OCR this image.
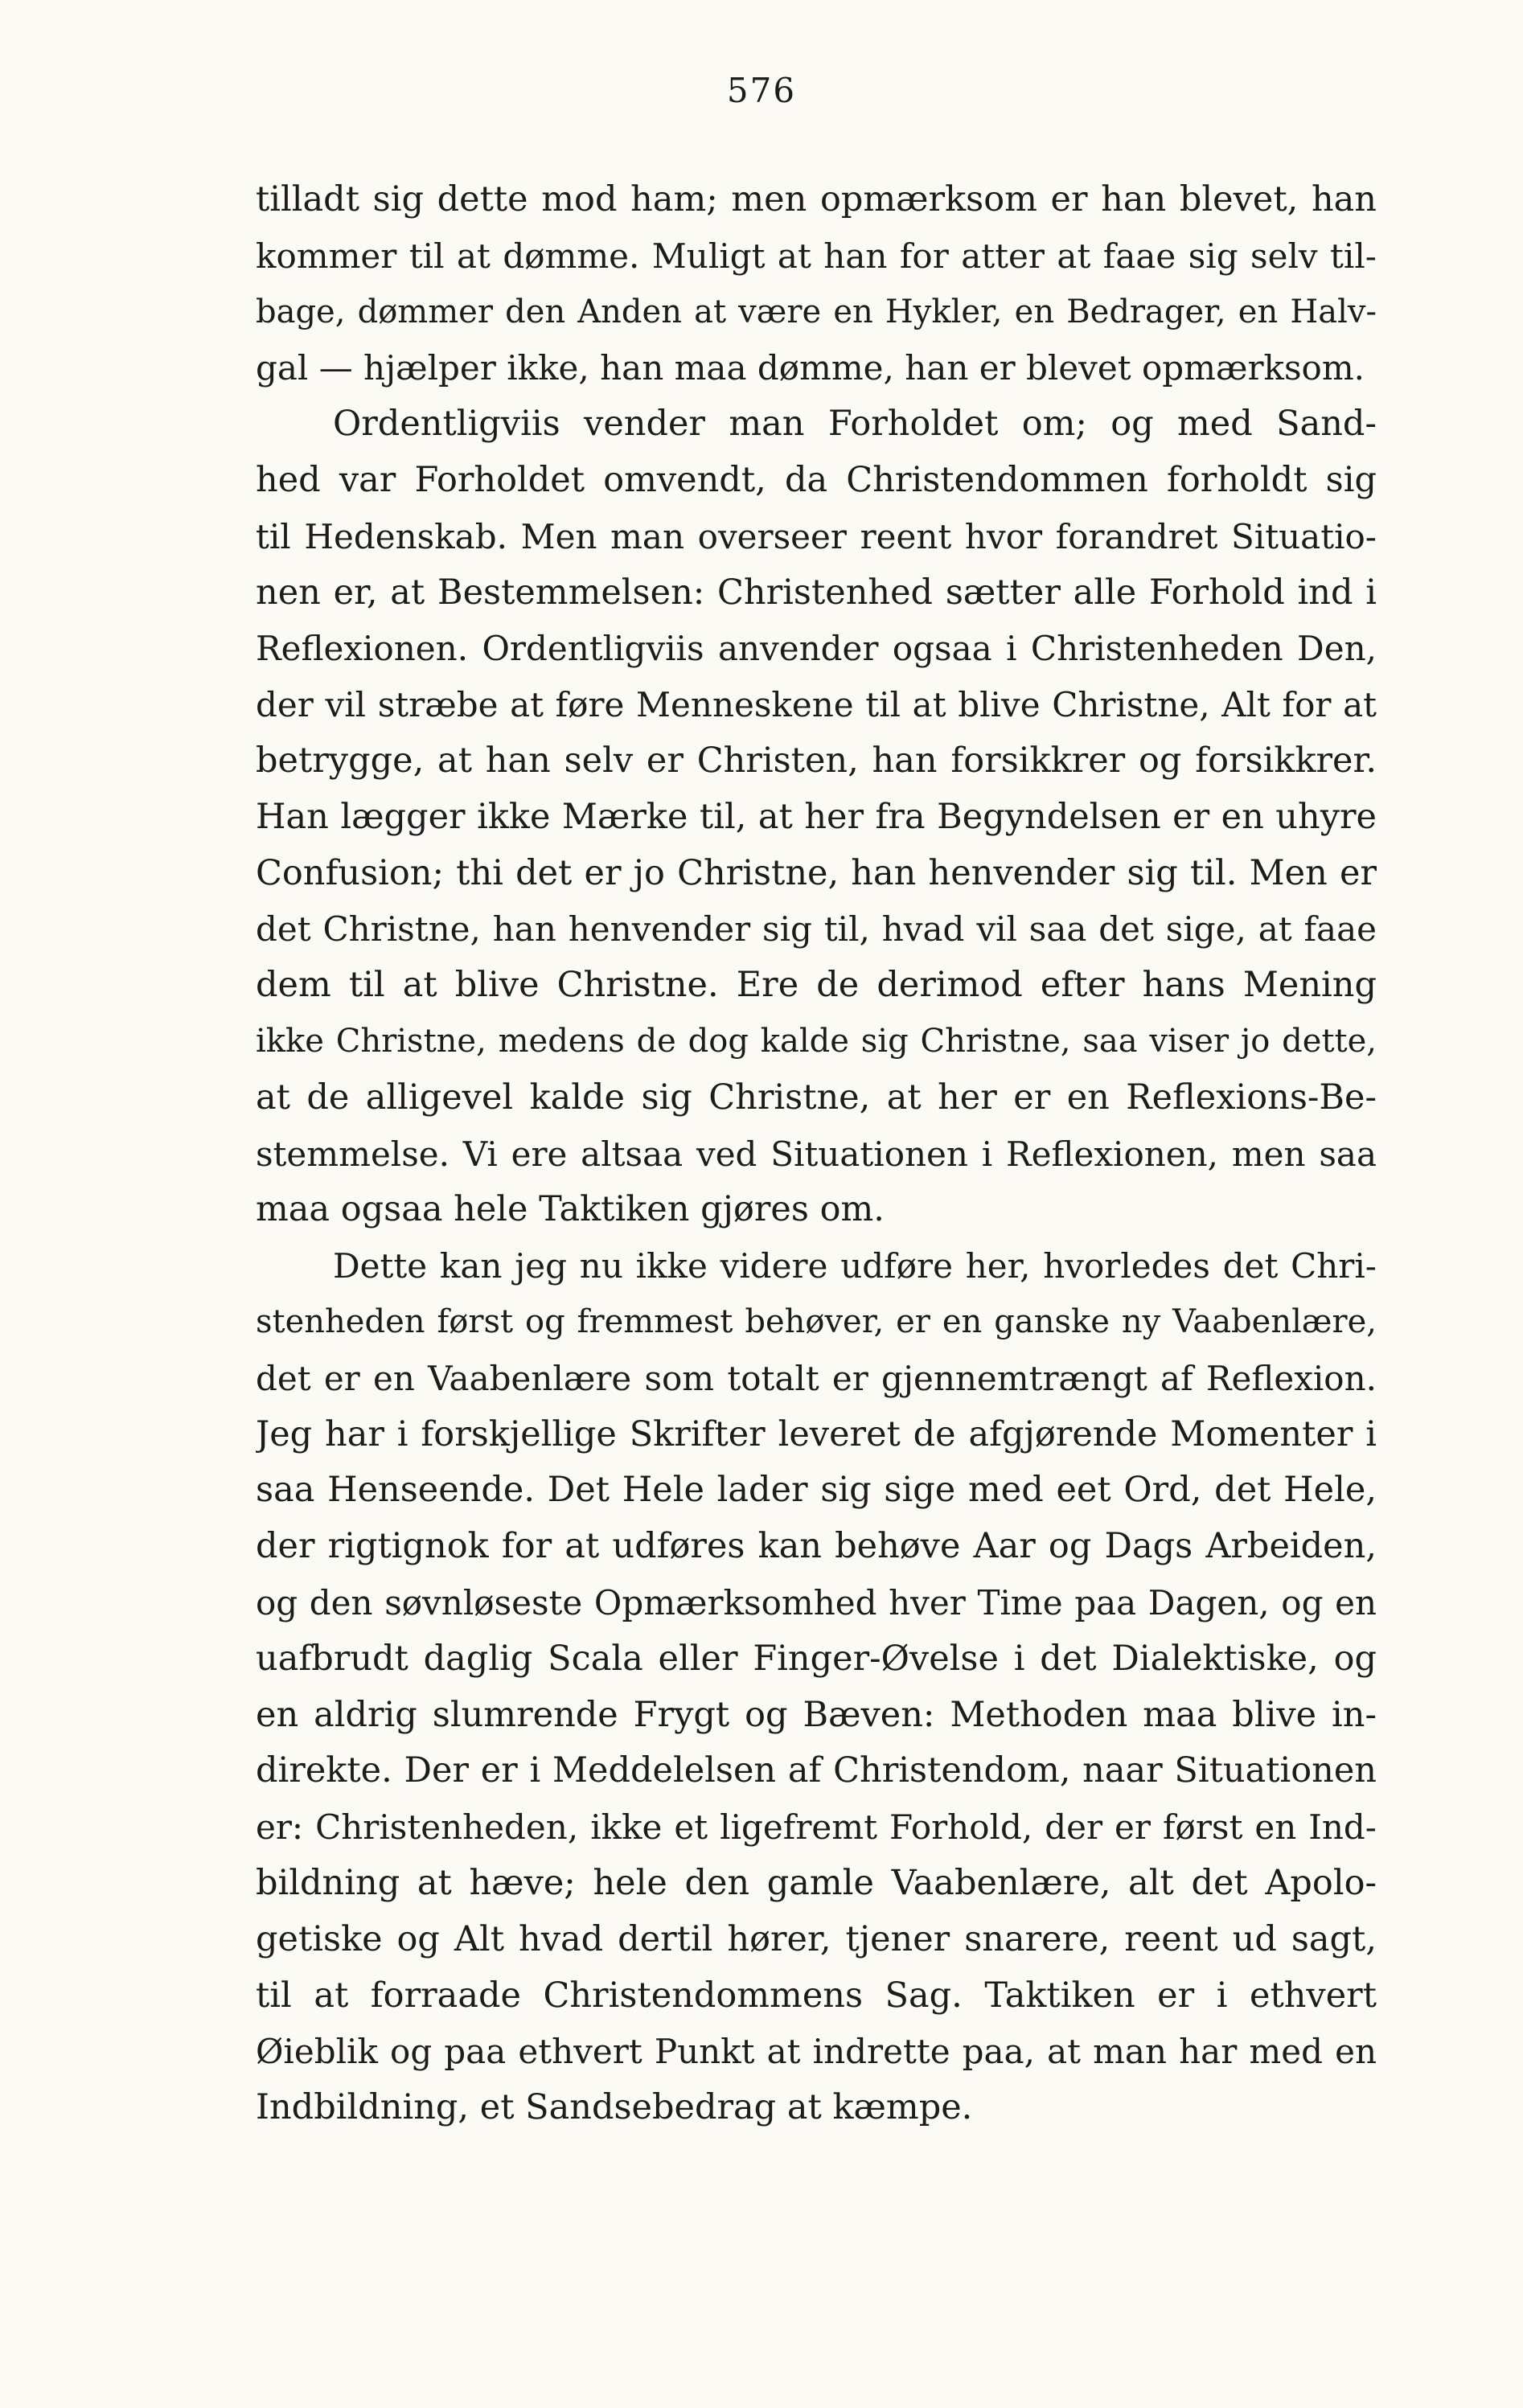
576
tilladt sig dette mod ham; men opmærksom er han blevet, han
kommer til at dømme. Muligt at han for atter at faae sig selv til-
bage, dømmer den Anden at være en Hykler, en Bedrager, en Halv-
gal — hjælper ikke, han maa dømme, han er blevet opmærksom.
Ordentligviis vender man Forholdet om; og med Sand-
hed var Forholdet omvendt, da Christendommen forholdt sig
til Hedenskab. Men man overseer reent hvor forandret Situatio-
nen er, at Bestemmelsen: Christenhed sætter alle Forhold ind i
Reflexionen. Ordentligviis anvender ogsaa i Christenheden Den,
der vil stræbe at føre Menneskene til at blive Christne, Alt for at
betrygge, at han selv er Christen, han forsikkrer og forsikkrer.
Han lægger ikke Mærke til, at her fra Begyndelsen er en uhyre
Confusion; thi det er jo Christne, han henvender sig til. Men er
det Christne, han henvender sig til, hvad vil saa det sige, at faae
dem til at blive Christne. Ere de derimod efter hans Mening
ikke Christne, medens de dog kalde sig Christne, saa viser jo dette,
at de alligevel kalde sig Christne, at her er en Reflexions-Be-
stemmelse. Vi ere altsaa ved Situationen i Reflexionen, men saa
maa ogsaa hele Taktiken gjøres om.
Dette kan jeg nu ikke videre udføre her, hvorledes det Chri-
stenheden først og fremmest behøver, er en ganske ny Vaabenlære,
det er en Vaabenlære som totalt er gjennemtrængt af Reflexion.
Jeg har i forskjellige Skrifter leveret de afgjørende Momenter i
saa Henseende. Det Hele lader sig sige med eet Ord, det Hele,
der rigtignok for at udføres kan behøve Aar og Dags Arbeiden,
og den søvnløseste Opmærksomhed hver Time paa Dagen, og en
uafbrudt daglig Scala eller Finger-Øvelse i det Dialektiske, og
en aldrig slumrende Frygt og Bæven: Methoden maa blive in-
direkte. Der er i Meddelelsen af Christendom, naar Situationen
er: Christenheden, ikke et ligefremt Forhold, der er først en Ind-
bildning at hæve; hele den gamle Vaabenlære, alt det Apolo-
getiske og Alt hvad dertil hører, tjener snarere, reent ud sagt,
til at forraade Christendommens Sag. Taktiken er i ethvert
Øieblik og paa ethvert Punkt at indrette paa, at man har med en
Indbildning, et Sandsebedrag at kæmpe.
